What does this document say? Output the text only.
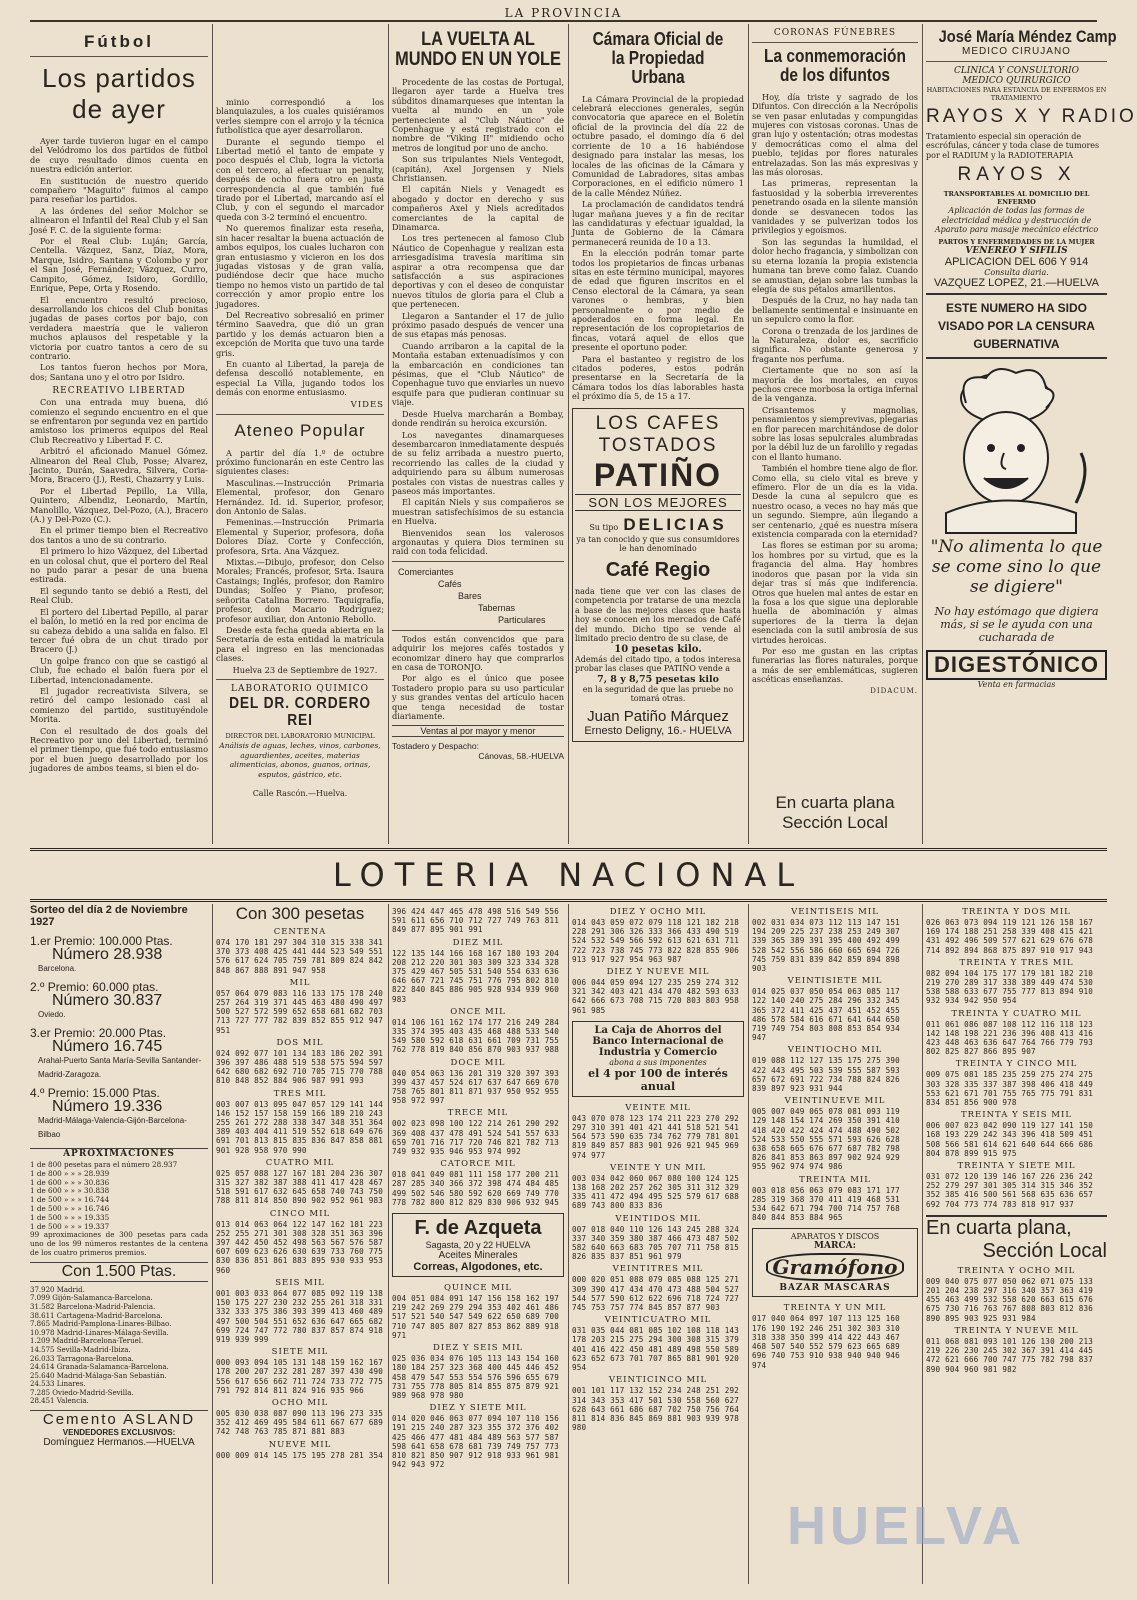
LA PROVINCIA
Fútbol
Los partidos de ayer

Ayer tarde tuvieron lugar en el campo del Velódromo los dos partidos de fútbol de cuyo resultado dimos cuenta en nuestra edición anterior.

En sustitución de nuestro querido compañero "Maguito" fuimos al campo para reseñar los partidos.

A las órdenes del señor Molchor se alinearon el Infantil del Real Club y el San José F. C. de la siguiente forma:

Por el Real Club: Luján; García, Centella. Vázquez, Sanz, Díaz, Mora, Marque, Isidro, Santana y Colombo y por el San José, Fernández; Vázquez, Curro, Campito, Gómez, Isidoro, Gordillo, Enrique, Pepe, Orta y Rosendo.

El encuentro resultó precioso, desarrollando los chicos del Club bonitas jugadas de pases cortos por bajo, con verdadera maestría que le valieron muchos aplausos del respetable y la victoria por cuatro tantos a cero de su contrario.

Los tantos fueron hechos por Mora, dos; Santana uno y el otro por Isidro.

RECREATIVO LIBERTAD

Con una entrada muy buena, dió comienzo el segundo encuentro en el que se enfrentaron por segunda vez en partido amistoso los primeros equipos del Real Club Recreativo y Libertad F. C.

Arbitró el aficionado Manuel Gómez. Alinearon del Real Club, Posse; Alvarez, Jacinto, Durán, Saavedra, Silvera, Coria-Mora, Bracero (J.), Resti, Chazarry y Luis.

Por el Libertad Pepillo, La Villa, Quintero, Albendiz, Leonardo, Martín, Manolillo, Vázquez, Del-Pozo, (A.), Bracero (A.) y Del-Pozo (C.).

En el primer tiempo bien el Recreativo dos tantos a uno de su contrario.

El primero lo hizo Vázquez, del Libertad en un colosal chut, que el portero del Real no pudo parar a pesar de una buena estirada.

El segundo tanto se debió a Resti, del Real Club.

El portero del Libertad Pepillo, al parar el balón, lo metió en la red por encima de su cabeza debido a una salida en falso. El tercer fué obra de un chut tirado por Bracero (J.)

Un golpe franco con que se castigó al Club, fue echado el balón fuera por el Libertad, intencionadamente.

El jugador recreativista Silvera, se retiró del campo lesionado casi al comienzo del partido, sustituyéndole Morita.

Con el resultado de dos goals del Recreativo por uno del Libertad, terminó el primer tiempo, que fué todo entusiasmo por el buen juego desarrollado por los jugadores de ambos teams, si bien el do-

minio correspondió a los blanquiazules, a los cuales quisiéramos verles siempre con el arrojo y la técnica futbolística que ayer desarrollaron.

Durante el segundo tiempo el Libertad metió el tanto de empate y poco después el Club, logra la victoria con el tercero, al efectuar un penalty, después de ocho fuera otro en justa correspondencia al que también fué tirado por el Libertad, marcando así el Club, y con el segundo el marcador queda con 3-2 terminó el encuentro.

No queremos finalizar esta reseña, sin hacer resaltar la buena actuación de ambos equipos, los cuales lucharon con gran entusiasmo y vicieron en los dos jugadas vistosas y de gran valía, pudiéndose decir que hace mucho tiempo no hemos visto un partido de tal corrección y amor propio entre los jugadores.

Del Recreativo sobresalió en primer término Saavedra, que dió un gran partido y los demás actuaron bien a excepción de Morita que tuvo una tarde gris.

En cuanto al Libertad, la pareja de defensa descolló notablemente, en especial La Villa, jugando todos los demás con enorme entusiasmo.

VIDES
Ateneo Popular

A partir del día 1.º de octubre próximo funcionarán en este Centro las siguientes clases:

Masculinas.—Instrucción Primaria Elemental, profesor, don Genaro Hernández. Id. id. Superior, profesor, don Antonio de Salas.

Femeninas.—Instrucción Primaria Elemental y Superior, profesora, doña Dolores Díaz. Corte y Confección, profesora, Srta. Ana Vázquez.

Mixtas.—Dibujo, profesor, don Celso Morales; Francés, profesor, Srta. Isaura Castaings; Inglés, profesor, don Ramiro Dundas; Solfeo y Piano, profesor, señorita Catalina Borrero. Taquigrafía, profesor, don Macario Rodríguez; profesor auxiliar, don Antonio Rebollo.

Desde esta fecha queda abierta en la Secretaría de esta entidad la matrícula para el ingreso en las mencionadas clases.

Huelva 23 de Septiembre de 1927.

LABORATORIO QUIMICO
DEL DR. CORDERO REI
DIRECTOR DEL LABORATORIO MUNICIPAL
Análisis de aguas, leches, vinos, carbones, aguardientes, aceites, materias alimenticias, abonos, guanos, orinas, esputos, gástrico, etc.
Calle Rascón.—Huelva.
LA VUELTA AL MUNDO EN UN YOLE

Procedente de las costas de Portugal, llegaron ayer tarde a Huelva tres súbditos dinamarqueses que intentan la vuelta al mundo en un yole perteneciente al "Club Náutico" de Copenhague y está registrado con el nombre de "Viking II" midiendo ocho metros de longitud por uno de ancho.

Son sus tripulantes Niels Ventegodt, (capitán), Axel Jorgensen y Niels Christiansen.

El capitán Niels y Venagedt es abogado y doctor en derecho y sus compañeros Axel y Niels acreditados comerciantes de la capital de Dinamarca.

Los tres pertenecen al famoso Club Náutico de Copenhague y realizan esta arriesgadísima travesía marítima sin aspirar a otra recompensa que dar satisfacción a sus aspiraciones deportivas y con el deseo de conquistar nuevos títulos de gloria para el Club a que pertenecen.

Llegaron a Santander el 17 de julio próximo pasado después de vencer una de sus etapas más penosas.

Cuando arribaron a la capital de la Montaña estaban extenuadísimos y con la embarcación en condiciones tan pésimas, que el "Club Náutico" de Copenhague tuvo que enviarles un nuevo esquife para que pudieran continuar su viaje.

Desde Huelva marcharán a Bombay, donde rendirán su heroica excursión.

Los navegantes dinamarqueses desembarcaron inmediatamente después de su feliz arribada a nuestro puerto, recorriendo las calles de la ciudad y adquiriendo para su álbum numerosas postales con vistas de nuestras calles y paseos más importantes.

El capitán Niels y sus compañeros se muestran satisfechísimos de su estancia en Huelva.

Bienvenidos sean los valerosos argonautas y quiera Dios terminen su raid con toda felicidad.

Comerciantes
Cafés
Bares
Tabernas
Particulares

Todos están convencidos que para adquirir los mejores cafés tostados y economizar dinero hay que comprarlos en casa de TORONJO.

Por algo es el único que posee Tostadero propio para su uso particular y sus grandes ventas del artículo hacen que tenga necesidad de tostar diariamente.

Ventas al por mayor y menor
Tostadero y Despacho:
Cánovas, 58.-HUELVA
Cámara Oficial de la Propiedad Urbana

La Cámara Provincial de la propiedad celebrará elecciones generales, según convocatoria que aparece en el Boletín oficial de la provincia del día 22 de octubre pasado, el domingo día 6 del corriente de 10 a 16 habiéndose designado para instalar las mesas, los locales de las oficinas de la Cámara y Comunidad de Labradores, sitas ambas Corporaciones, en el edificio número 1 de la calle Méndez Núñez.

La proclamación de candidatos tendrá lugar mañana jueves y a fin de recitar las candidaturas y efectuar igualdad, la Junta de Gobierno de la Cámara permanecerá reunida de 10 a 13.

En la elección podrán tomar parte todos los propietarios de fincas urbanas sitas en este término municipal, mayores de edad que figuren inscritos en el Censo electoral de la Cámara, ya sean varones o hembras, y bien personalmente o por medio de apoderados en forma legal. En representación de los copropietarios de fincas, votará aquel de ellos que presente el oportuno poder.

Para el bastanteo y registro de los citados poderes, estos podrán presentarse en la Secretaría de la Cámara todos los días laborables hasta el próximo día 5, de 15 a 17.

LOS CAFES
TOSTADOS
PATIÑO
SON LOS MEJORES
Su tipo DELICIAS
ya tan conocido y que sus consumidores le han denominado
Café Regio
nada tiene que ver con las clases de competencia por tratarse de una mezcla a base de las mejores clases que hasta hoy se conocen en los mercados de Café del mundo. Dicho tipo se vende al limitado precio dentro de su clase, de
10 pesetas kilo.
Además del citado tipo, a todos interesa probar las clases que PATIÑO vende a
7, 8 y 8,75 pesetas kilo
en la seguridad de que las pruebe no tomará otras.
Juan Patiño Márquez
Ernesto Deligny, 16.- HUELVA
CORONAS FÚNEBRES
La conmemoración de los difuntos

Hoy, día triste y sagrado de los Difuntos. Con dirección a la Necrópolis se ven pasar enlutadas y compungidas mujeres con vistosas coronas. Unas de gran lujo y ostentación; otras modestas y democráticas como el alma del pueblo, tejidas por flores naturales entrelazadas. Son las más expresivas y las más olorosas.

Las primeras, representan la fastuosidad y la soberbia irreverentes penetrando osada en la silente mansión donde se desvanecen todos las vanidades y se pulverizan todos los privilegios y egoísmos.

Son las segundas la humildad, el dolor hecho fragancia, y simbolizan con su eterna lozanía la propia existencia humana tan breve como falaz. Cuando se amustian, dejan sobre las tumbas la elegía de sus pétalos amarillentos.

Después de la Cruz, no hay nada tan bellamente sentimental e insinuante en un sepulcro como la flor.

Corona o trenzada de los jardines de la Naturaleza, dolor es, sacrificio significa. No obstante generosa y fragante nos perfuma.

Ciertamente que no son así la mayoría de los mortales, en cuyos pechos crece morbosa la ortiga infernal de la venganza.

Crisantemos y magnolias, pensamientos y siemprevivas, plegarias en flor parecen marchitándose de dolor sobre las losas sepulcrales alumbradas por la débil luz de un farolillo y regadas con el llanto humano.

También el hombre tiene algo de flor. Como ella, su cielo vital es breve y efímero. Flor de un día es la vida. Desde la cuna al sepulcro que es nuestro ocaso, a veces no hay más que un segundo. Siempre, aún llegando a ser centenario, ¿qué es nuestra mísera existencia comparada con la eternidad?

Las flores se estiman por su aroma; los hombres por su virtud, que es la fragancia del alma. Hay hombres inodoros que pasan por la vida sin dejar tras sí más que indiferencia. Otros que huelen mal antes de estar en la fosa a los que sigue una deplorable huella de abominación y almas superiores de la tierra la dejan esenciada con la sutil ambrosía de sus virtudes heroicas.

Por eso me gustan en las criptas funerarias las flores naturales, porque a más de ser emblemáticas, sugieren ascéticas enseñanzas.

DIDACUM.
En cuarta plana
Sección Local
José María Méndez Camp
MEDICO CIRUJANO
CLINICA Y CONSULTORIO
MEDICO QUIRURGICO
HABITACIONES PARA ESTANCIA DE ENFERMOS EN TRATAMIENTO
RAYOS X Y RADIO
Tratamiento especial sin operación de escrófulas, cáncer y toda clase de tumores por el RADIUM y la RADIOTERAPIA
RAYOS X
TRANSPORTABLES AL DOMICILIO DEL ENFERMO
Aplicación de todas las formas de electricidad médica y destrucción de Aparato para masaje mecánico eléctrico
PARTOS Y ENFERMEDADES DE LA MUJER
VENEREO Y SIFILIS
APLICACION DEL 606 Y 914
Consulta diaria.
VAZQUEZ LOPEZ, 21.—HUELVA
ESTE NUMERO HA SIDO VISADO POR LA CENSURA GUBERNATIVA
"No alimenta lo que se come sino lo que se digiere"
No hay estómago que digiera más, si se le ayuda con una cucharada de
DIGESTÓNICO
Venta en farmacias
LOTERIA NACIONAL
Sorteo del día 2 de Noviembre 1927
1.er Premio: 100.000 Ptas.
Número 28.938
Barcelona.
2.º Premio: 60.000 ptas.
Número 30.837
Oviedo.
3.er Premio: 20.000 Ptas.
Número 16.745
Arahal-Puerto Santa María-Sevilla Santander-Madrid-Zaragoza.
4.º Premio: 15.000 Ptas.
Número 19.336
Madrid-Málaga-Valencia-Gijón-Barcelona-Bilbao
APROXIMACIONES
1 de 800 pesetas para el número 28.937
1 de 800 » » » 28.939
1 de 600 » » » 30.836
1 de 600 » » » 30.838
1 de 500 » » » 16.744
1 de 500 » » » 16.746
1 de 500 » » » 19.335
1 de 500 » » » 19.337
99 aproximaciones de 300 pesetas para cada uno de los 99 números restantes de la centena de los cuatro primeros premios.
Con 1.500 Ptas.
37.920 Madrid.
7.099 Gijón-Salamanca-Barcelona.
31.582 Barcelona-Madrid-Palencia.
38.611 Cartagena-Madrid-Barcelona.
7.865 Madrid-Pamplona-Linares-Bilbao.
10.978 Madrid-Linares-Málaga-Sevilla.
1.209 Madrid-Barcelona-Teruel.
14.575 Sevilla-Madrid-Ibiza.
26.033 Tarragona-Barcelona.
24.614 Granada-Salamanca-Barcelona.
25.640 Madrid-Málaga-San Sebastián.
24.533 Linares.
7.285 Oviedo-Madrid-Sevilla.
28.451 Valencia.
Cemento ASLAND
VENDEDORES EXCLUSIVOS:
Domínguez Hermanos.—HUELVA
Con 300 pesetas
CENTENA
074 170 181 297 304 310 315 338 341 370 373 408 425 441 444 523 549 551 576 617 624 705 759 781 809 824 842 848 867 888 891 947 958
MIL
057 064 079 083 116 133 175 178 240 257 264 319 371 445 463 480 490 497 500 527 572 599 652 658 681 682 703 713 727 777 782 839 852 855 912 947 951
DOS MIL
024 092 077 101 134 183 186 202 391 396 397 486 488 519 538 575 594 597 642 680 682 692 710 705 715 770 788 810 848 852 884 906 987 991 993
TRES MIL
003 007 013 095 047 057 129 141 144 146 152 157 158 159 166 189 210 243 255 261 272 288 338 347 348 351 364 389 403 404 411 519 552 618 649 676 691 701 813 815 835 836 847 858 881 901 928 958 970 990
CUATRO MIL
025 057 088 127 167 181 204 236 307 315 327 382 387 388 411 417 428 467 518 591 617 632 645 658 740 743 750 788 811 814 850 890 902 952 961 983
CINCO MIL
013 014 063 064 122 147 162 181 223 252 255 271 301 308 328 351 363 396 397 442 450 452 498 563 567 576 587 607 609 623 626 630 639 733 760 775 830 836 851 861 883 895 930 933 953 960
SEIS MIL
001 003 033 064 077 085 092 119 138 150 175 227 230 232 255 261 318 331 332 333 375 386 393 399 413 460 489 497 500 504 551 652 636 647 665 682 699 724 747 772 780 837 857 874 918 919 939 999
SIETE MIL
000 093 094 105 131 148 159 162 167 178 200 207 232 281 287 397 430 490 556 617 656 662 711 724 733 772 775 791 792 814 811 824 916 935 966
OCHO MIL
005 030 038 087 090 113 196 273 335 352 412 469 495 584 611 667 677 689 742 748 763 785 871 881 883
NUEVE MIL
000 009 014 145 175 195 278 281 354
396 424 447 465 478 498 516 549 556 591 611 656 710 712 727 749 763 811 849 877 895 901 991
DIEZ MIL
122 135 144 166 168 167 180 193 204 208 212 220 301 303 309 323 334 328 375 429 467 505 531 540 554 633 636 646 667 721 745 751 776 795 802 810 822 840 845 886 905 928 934 939 960 983
ONCE MIL
014 106 161 162 174 177 216 249 284 335 374 395 403 435 468 488 533 540 549 580 592 618 631 661 709 731 755 762 778 819 840 856 870 903 937 988
DOCE MIL
040 054 063 136 201 319 320 397 393 399 437 457 524 617 637 647 669 670 758 765 801 811 871 937 950 952 955 958 972 997
TRECE MIL
002 023 098 100 122 214 261 290 292 369 408 437 478 491 524 541 557 633 659 701 716 717 720 746 821 782 713 749 932 935 946 953 974 992
CATORCE MIL
018 041 049 081 111 158 177 200 211 287 285 340 366 372 398 474 484 485 499 502 546 580 592 620 669 749 770 778 782 800 812 829 830 906 932 945
F. de Azqueta
Sagasta, 20 y 22 HUELVA
Aceites Minerales
Correas, Algodones, etc.
QUINCE MIL
004 051 084 091 147 156 158 162 197 219 242 269 279 294 353 402 461 486 517 521 540 547 549 622 650 689 700 710 747 805 807 827 853 862 889 918 971
DIEZ Y SEIS MIL
025 036 034 076 105 113 143 154 160 180 184 257 323 368 400 445 446 452 458 479 547 553 554 576 596 655 679 731 755 778 805 814 855 875 879 921 989 968 978 980
DIEZ Y SIETE MIL
014 020 046 063 077 094 107 110 156 191 215 240 287 323 355 372 376 402 425 466 477 481 484 489 563 577 587 598 641 658 678 681 739 749 757 773 810 821 850 907 912 918 933 961 981 942 943 972
DIEZ Y OCHO MIL
014 043 059 072 079 118 121 182 218 228 291 306 326 333 366 433 490 519 524 532 549 566 592 613 621 631 711 722 723 738 745 773 822 828 855 906 913 917 927 954 963 987
DIEZ Y NUEVE MIL
006 044 059 094 127 235 259 274 312 321 342 403 421 434 470 482 593 633 642 666 673 708 715 720 803 803 958 961 985
La Caja de Ahorros del
Banco Internacional de Industria y Comercio
abona a sus imponentes
el 4 por 100 de interés anual
VEINTE MIL
043 070 078 123 174 211 223 270 292 297 310 391 401 421 441 518 521 541 564 573 590 635 734 762 779 781 801 819 849 857 883 901 926 921 945 969 974 977
VEINTE Y UN MIL
003 034 042 060 067 080 100 124 125 138 168 202 257 262 305 311 312 329 335 411 472 494 495 525 579 617 688 689 743 800 833 836
VEINTIDOS MIL
007 018 040 110 126 143 245 288 324 337 340 359 380 387 466 473 487 502 582 640 663 683 705 707 711 758 815 826 835 837 851 961 979
VEINTITRES MIL
000 020 051 088 079 085 088 125 271 309 390 417 434 470 473 488 504 527 544 577 590 612 622 696 718 724 727 745 753 757 774 845 857 877 903
VEINTICUATRO MIL
031 035 044 081 085 102 108 118 143 178 203 215 275 294 300 308 315 379 401 416 422 450 481 489 498 550 589 623 652 673 701 707 865 881 901 920 954
VEINTICINCO MIL
001 101 117 132 152 234 248 251 292 314 343 353 417 501 530 558 560 627 628 643 661 686 687 702 750 756 764 811 814 836 845 869 881 903 939 978 980
VEINTISEIS MIL
002 031 034 073 112 113 147 151 194 209 225 237 238 253 249 307 339 365 389 391 395 400 492 499 528 542 556 586 660 665 694 726 745 759 831 839 842 859 894 898 903
VEINTISIETE MIL
014 025 037 050 054 063 085 117 122 140 240 275 284 296 332 345 365 372 411 425 437 451 452 455 486 578 584 616 671 641 644 650 719 749 754 803 808 853 854 934 947
VEINTIOCHO MIL
019 088 112 127 135 175 275 390 422 443 495 503 539 555 587 593 657 672 691 722 734 788 824 826 839 897 923 931 944
VEINTINUEVE MIL
005 007 049 065 078 081 093 119 129 148 154 174 269 350 391 410 418 420 422 424 474 488 490 502 524 533 550 555 571 593 626 628 638 658 665 676 677 687 782 798 826 841 853 863 897 902 924 929 955 962 974 974 986
TREINTA MIL
003 018 056 063 079 083 171 177 285 319 368 370 411 419 468 531 534 642 671 794 700 714 757 768 840 844 853 884 965
APARATOS Y DISCOS
MARCA:
Gramófono
BAZAR MASCARAS
TREINTA Y UN MIL
017 040 064 097 107 113 125 160 176 190 192 246 251 302 303 310 318 338 350 399 414 422 443 467 468 507 540 552 579 623 665 689 696 740 753 910 938 940 940 946 974
TREINTA Y DOS MIL
026 063 073 094 119 121 126 158 167 169 174 188 251 258 339 408 415 421 431 492 496 509 577 621 629 676 678 714 892 894 868 875 897 910 917 943
TREINTA Y TRES MIL
082 094 104 175 177 179 181 182 210 219 270 289 317 338 389 449 474 530 538 588 633 677 755 777 813 894 910 932 934 942 950 954
TREINTA Y CUATRO MIL
011 061 086 087 108 112 116 118 123 142 148 198 221 236 396 408 413 416 423 448 463 636 647 764 766 779 793 802 825 827 866 895 907
TREINTA Y CINCO MIL
009 075 081 185 235 259 275 274 275 303 328 335 337 387 398 406 418 449 553 621 671 701 755 765 775 791 831 834 851 856 900 978
TREINTA Y SEIS MIL
006 007 023 042 090 119 127 141 150 168 193 229 242 343 396 418 509 451 508 566 581 614 621 640 644 666 686 804 878 899 915 975
TREINTA Y SIETE MIL
031 072 120 139 146 167 226 236 242 252 279 297 301 305 314 315 346 352 352 385 416 500 561 568 635 636 657 692 704 773 774 783 818 917 937
En cuarta plana,
Sección Local
TREINTA Y OCHO MIL
009 040 075 077 050 062 071 075 133 201 204 238 297 316 340 357 363 419 455 463 499 532 558 620 663 615 676 675 730 716 763 767 808 803 812 836 890 895 903 925 931 984
TREINTA Y NUEVE MIL
011 068 081 093 101 126 130 200 213 219 226 230 245 302 367 391 414 445 472 621 666 700 747 775 782 798 837 890 904 960 981 982
HUELVA
